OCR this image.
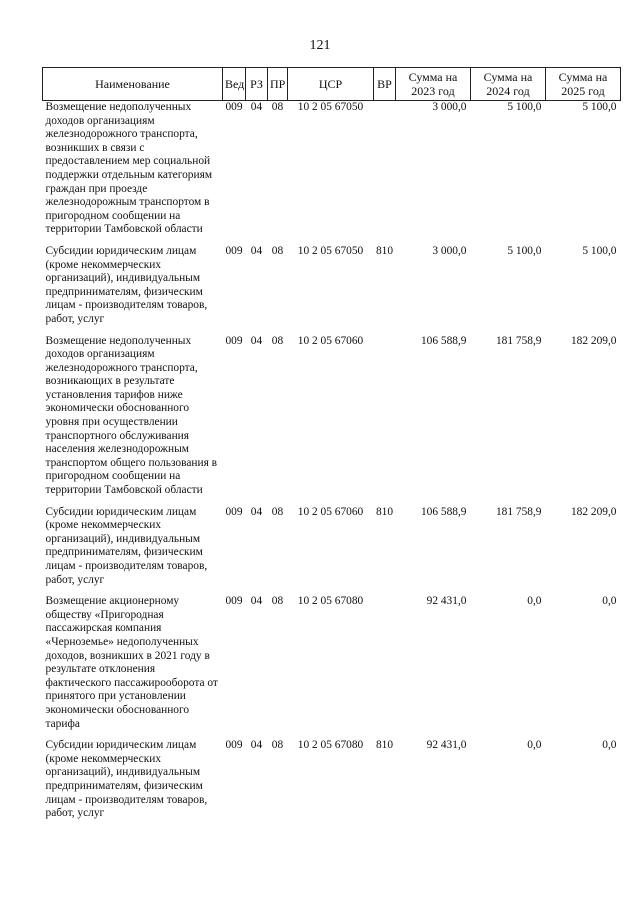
121
Наименование	Вед	РЗ	ПР	ЦСР	ВР	Сумма на 2023 год	Сумма на 2024 год	Сумма на 2025 год
Возмещение недополученных доходов организациям железнодорожного транспорта, возникших в связи с предоставлением мер социальной поддержки отдельным категориям граждан при проезде железнодорожным транспортом в пригородном сообщении на территории Тамбовской области	009	04	08	10 2 05 67050		3 000,0	5 100,0	5 100,0
Субсидии юридическим лицам (кроме некоммерческих организаций), индивидуальным предпринимателям, физическим лицам - производителям товаров, работ, услуг	009	04	08	10 2 05 67050	810	3 000,0	5 100,0	5 100,0
Возмещение недополученных доходов организациям железнодорожного транспорта, возникающих в результате установления тарифов ниже экономически обоснованного уровня при осуществлении транспортного обслуживания населения железнодорожным транспортом общего пользования в пригородном сообщении на территории Тамбовской области	009	04	08	10 2 05 67060		106 588,9	181 758,9	182 209,0
Субсидии юридическим лицам (кроме некоммерческих организаций), индивидуальным предпринимателям, физическим лицам - производителям товаров, работ, услуг	009	04	08	10 2 05 67060	810	106 588,9	181 758,9	182 209,0
Возмещение акционерному обществу «Пригородная пассажирская компания «Черноземье» недополученных доходов, возникших в 2021 году в результате отклонения фактического пассажирооборота от принятого при установлении экономически обоснованного тарифа	009	04	08	10 2 05 67080		92 431,0	0,0	0,0
Субсидии юридическим лицам (кроме некоммерческих организаций), индивидуальным предпринимателям, физическим лицам - производителям товаров, работ, услуг	009	04	08	10 2 05 67080	810	92 431,0	0,0	0,0
